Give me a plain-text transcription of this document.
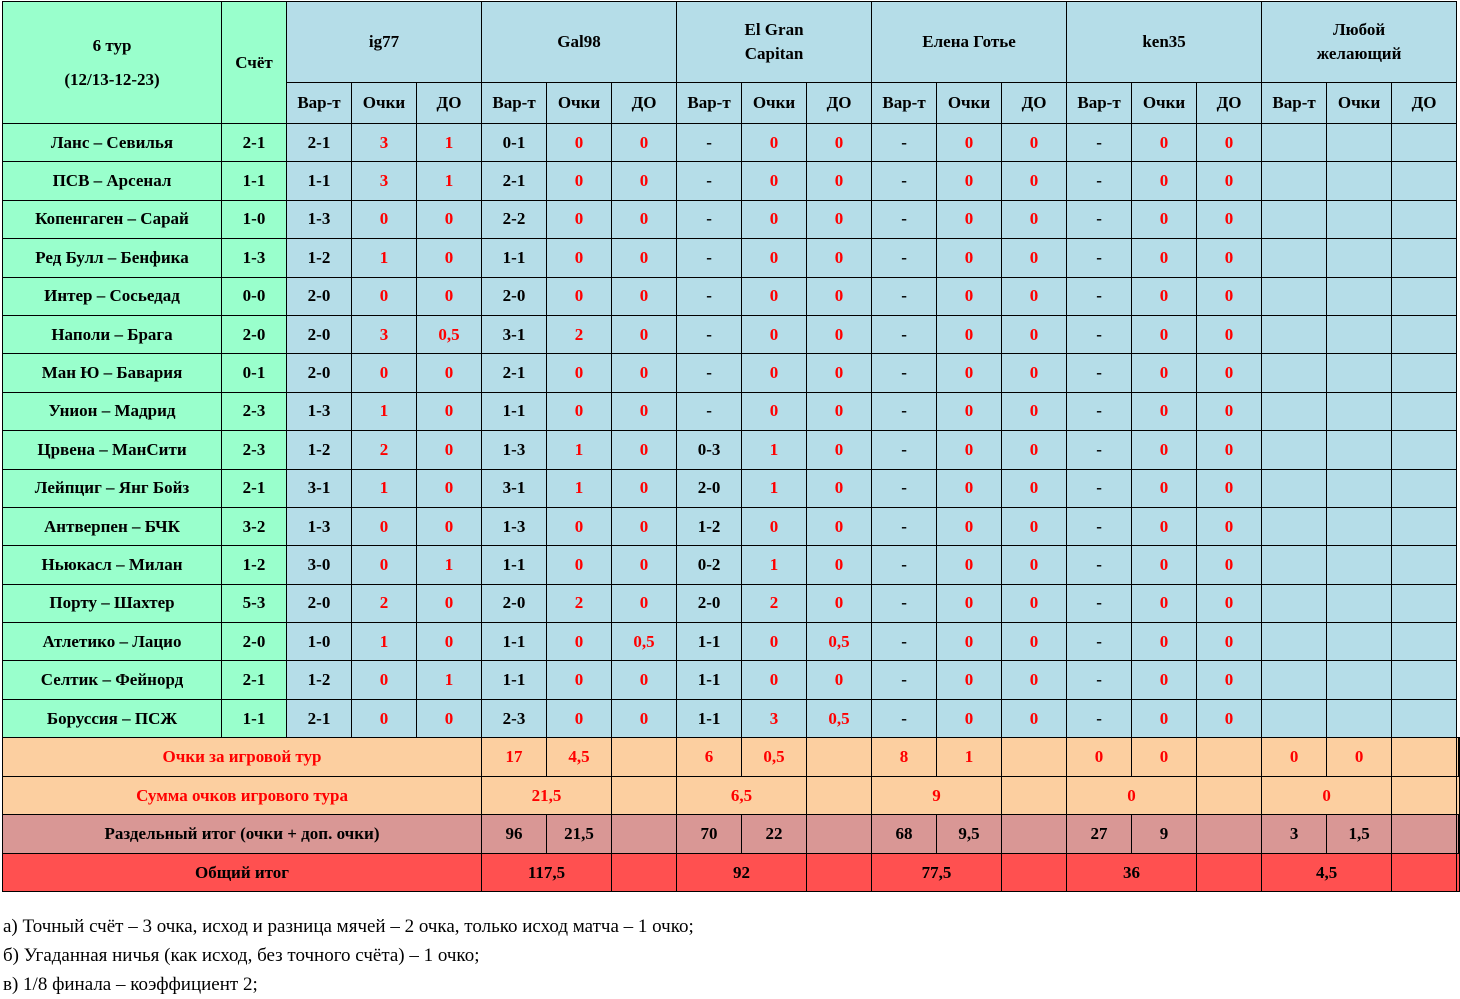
6 тур
(12/13-12-23)	Счёт	ig77			Gal98			El Gran
Capitan			Елена Готье			ken35			Любой
желающий				
		Вар-т	Очки	ДО	Вар-т	Очки	ДО	Вар-т	Очки	ДО	Вар-т	Очки	ДО	Вар-т	Очки	ДО	Вар-т	Очки	ДО		
Ланс – Севилья	2-1	2-1	3	1	0-1	0	0	-	0	0	-	0	0	-	0	0					
ПСВ – Арсенал	1-1	1-1	3	1	2-1	0	0	-	0	0	-	0	0	-	0	0					
Копенгаген – Сарай	1-0	1-3	0	0	2-2	0	0	-	0	0	-	0	0	-	0	0					
Ред Булл – Бенфика	1-3	1-2	1	0	1-1	0	0	-	0	0	-	0	0	-	0	0					
Интер – Сосьедад	0-0	2-0	0	0	2-0	0	0	-	0	0	-	0	0	-	0	0					
Наполи – Брага	2-0	2-0	3	0,5	3-1	2	0	-	0	0	-	0	0	-	0	0					
Ман Ю – Бавария	0-1	2-0	0	0	2-1	0	0	-	0	0	-	0	0	-	0	0					
Унион – Мадрид	2-3	1-3	1	0	1-1	0	0	-	0	0	-	0	0	-	0	0					
Црвена – МанСити	2-3	1-2	2	0	1-3	1	0	0-3	1	0	-	0	0	-	0	0					
Лейпциг – Янг Бойз	2-1	3-1	1	0	3-1	1	0	2-0	1	0	-	0	0	-	0	0					
Антверпен – БЧК	3-2	1-3	0	0	1-3	0	0	1-2	0	0	-	0	0	-	0	0					
Ньюкасл – Милан	1-2	3-0	0	1	1-1	0	0	0-2	1	0	-	0	0	-	0	0					
Порту – Шахтер	5-3	2-0	2	0	2-0	2	0	2-0	2	0	-	0	0	-	0	0					
Атлетико – Лацио	2-0	1-0	1	0	1-1	0	0,5	1-1	0	0,5	-	0	0	-	0	0					
Селтик – Фейнорд	2-1	1-2	0	1	1-1	0	0	1-1	0	0	-	0	0	-	0	0					
Боруссия – ПСЖ	1-1	2-1	0	0	2-3	0	0	1-1	3	0,5	-	0	0	-	0	0					
Очки за игровой тур					17	4,5		6	0,5		8	1		0	0		0	0			
Сумма очков игрового тура					21,5			6,5			9			0			0				
Раздельный итог (очки + доп. очки)					96	21,5		70	22		68	9,5		27	9		3	1,5			
Общий итог					117,5			92			77,5			36			4,5				
а) Точный счёт – 3 очка, исход и разница мячей – 2 очка, только исход матча – 1 очко;
б) Угаданная ничья (как исход, без точного счёта) – 1 очко;
в) 1/8 финала – коэффициент 2;
